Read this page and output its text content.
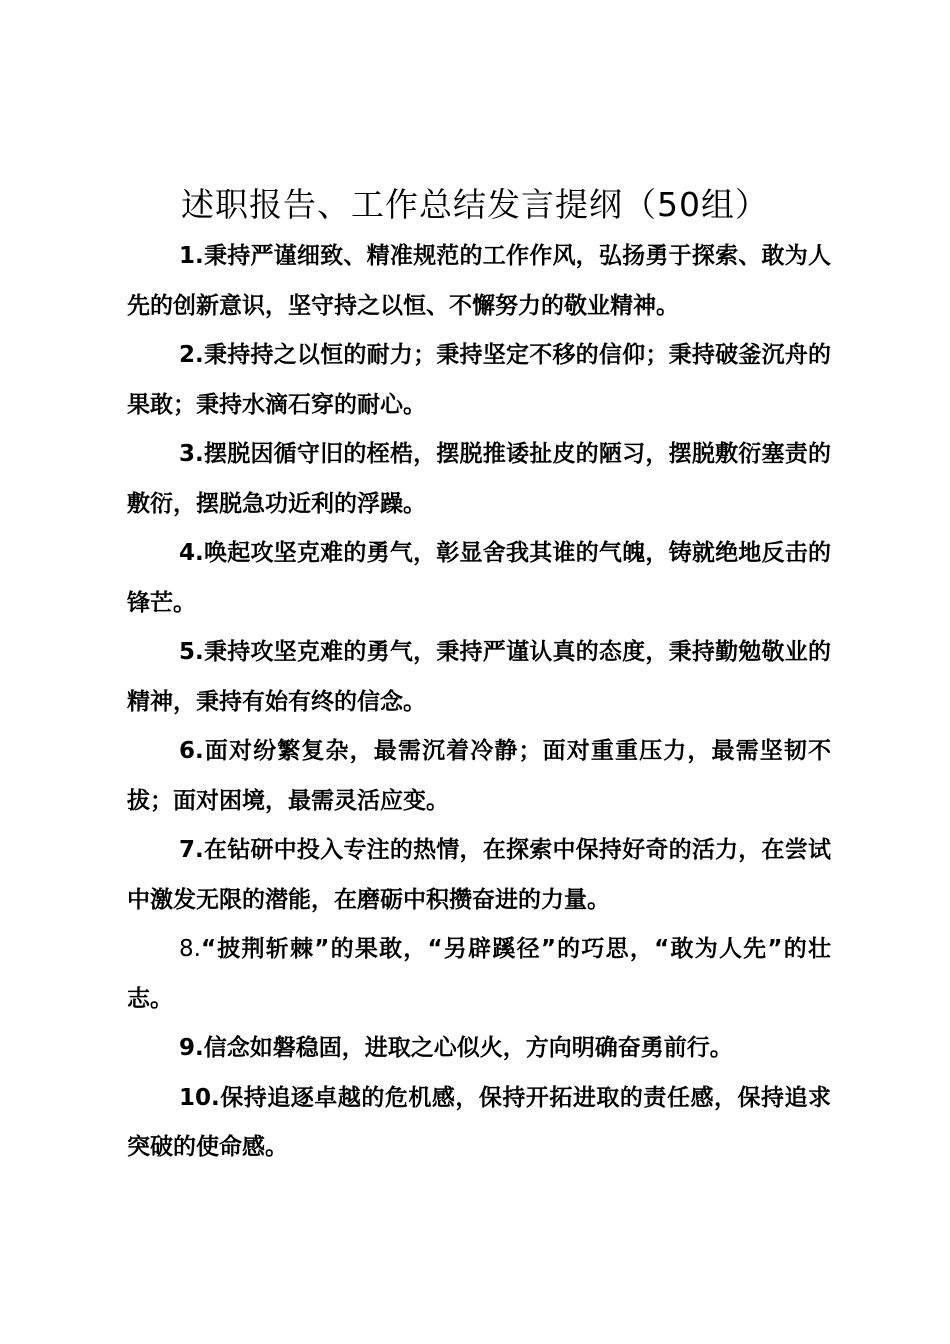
述职报告、工作总结发言提纲（50组）

1.秉持严谨细致、精准规范的工作作风，弘扬勇于探索、敢为人先的创新意识，坚守持之以恒、不懈努力的敬业精神。

2.秉持持之以恒的耐力；秉持坚定不移的信仰；秉持破釜沉舟的果敢；秉持水滴石穿的耐心。

3.摆脱因循守旧的桎梏，摆脱推诿扯皮的陋习，摆脱敷衍塞责的敷衍，摆脱急功近利的浮躁。

4.唤起攻坚克难的勇气，彰显舍我其谁的气魄，铸就绝地反击的锋芒。

5.秉持攻坚克难的勇气，秉持严谨认真的态度，秉持勤勉敬业的精神，秉持有始有终的信念。

6.面对纷繁复杂，最需沉着冷静；面对重重压力，最需坚韧不拔；面对困境，最需灵活应变。

7.在钻研中投入专注的热情，在探索中保持好奇的活力，在尝试中激发无限的潜能，在磨砺中积攒奋进的力量。

8.“披荆斩棘”的果敢，“另辟蹊径”的巧思，“敢为人先”的壮志。

9.信念如磐稳固，进取之心似火，方向明确奋勇前行。

10.保持追逐卓越的危机感，保持开拓进取的责任感，保持追求突破的使命感。
